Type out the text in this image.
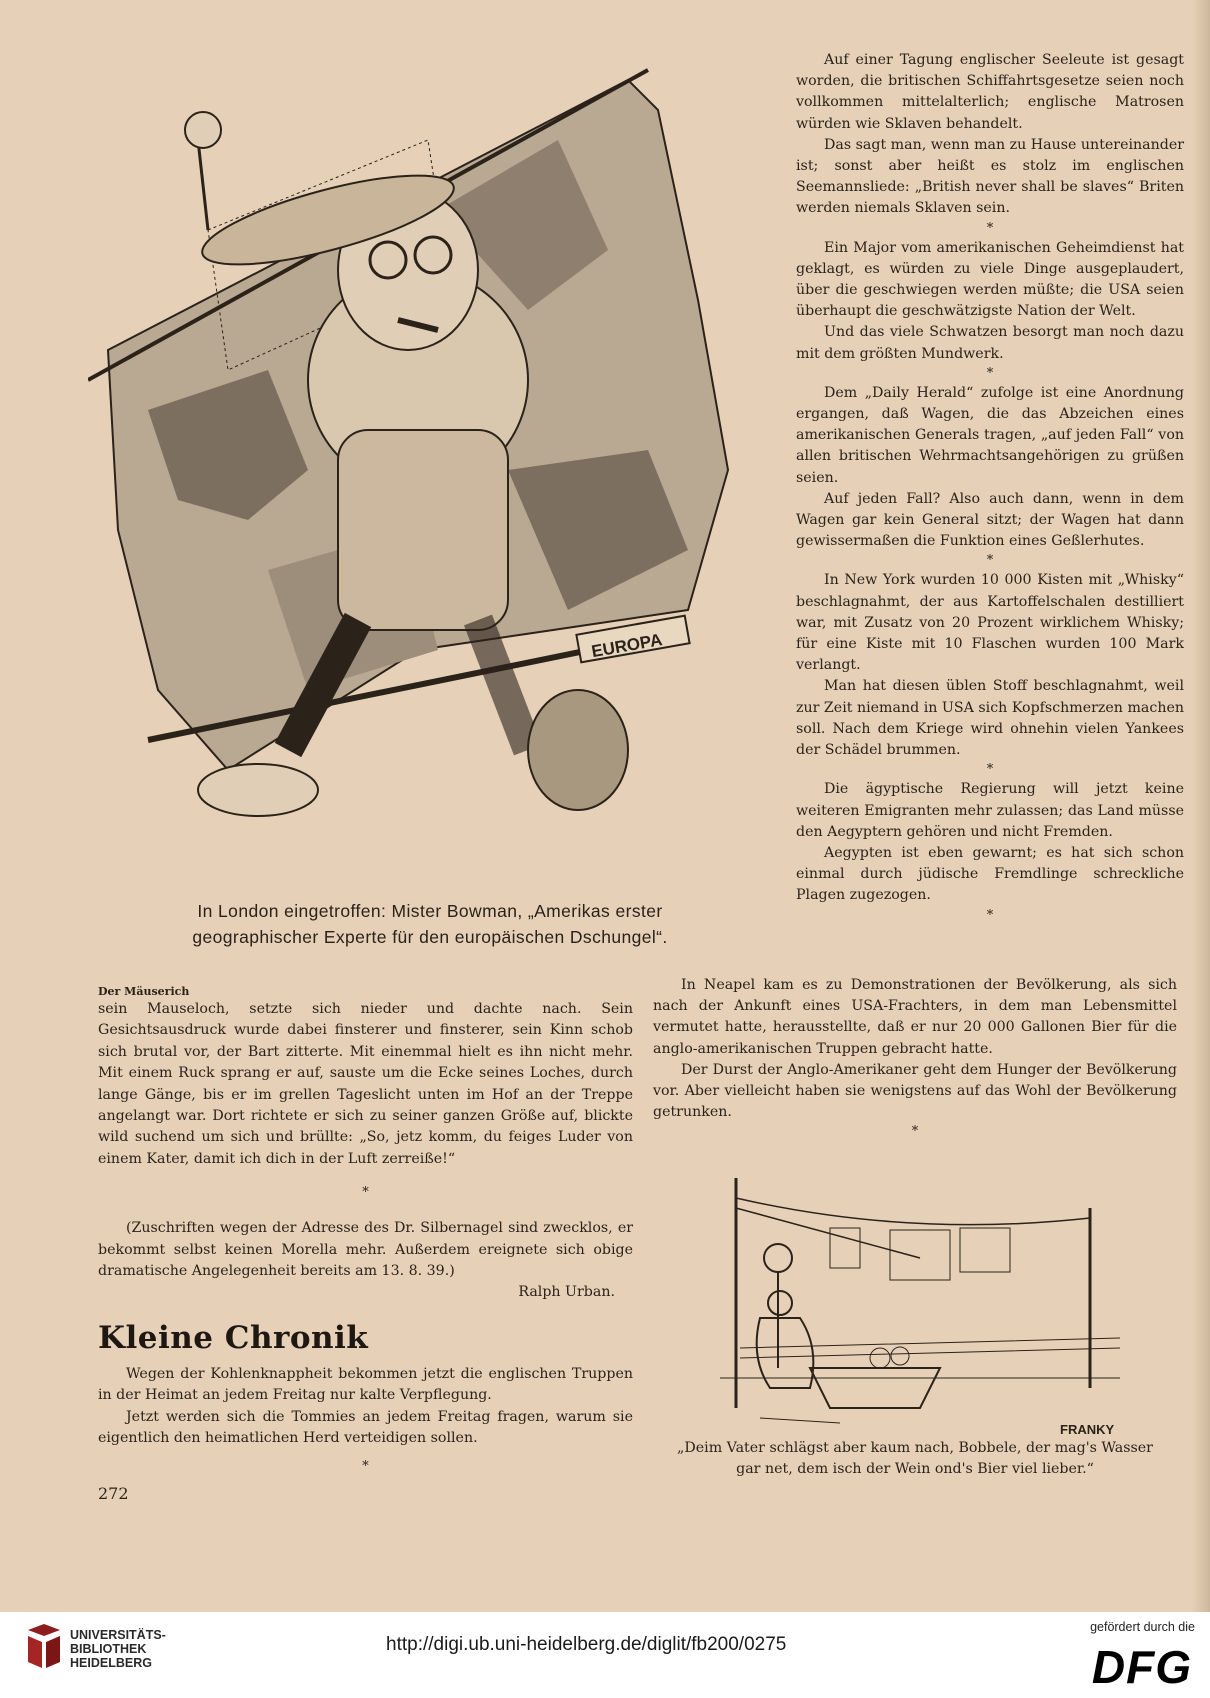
EUROPA
In London eingetroffen: Mister Bowman, „Amerikas erster
geographischer Experte für den europäischen Dschungel“.

Auf einer Tagung englischer Seeleute ist gesagt worden, die britischen Schiffahrtsgesetze seien noch vollkommen mittelalterlich; englische Matrosen würden wie Sklaven behandelt.

Das sagt man, wenn man zu Hause untereinander ist; sonst aber heißt es stolz im englischen Seemannsliede: „British never shall be slaves“ Briten werden niemals Sklaven sein.

*

Ein Major vom amerikanischen Geheimdienst hat geklagt, es würden zu viele Dinge ausgeplaudert, über die geschwiegen werden müßte; die USA seien überhaupt die geschwätzigste Nation der Welt.

Und das viele Schwatzen besorgt man noch dazu mit dem größten Mundwerk.

*

Dem „Daily Herald“ zufolge ist eine Anordnung ergangen, daß Wagen, die das Abzeichen eines amerikanischen Generals tragen, „auf jeden Fall“ von allen britischen Wehrmachtsangehörigen zu grüßen seien.

Auf jeden Fall? Also auch dann, wenn in dem Wagen gar kein General sitzt; der Wagen hat dann gewissermaßen die Funktion eines Geßlerhutes.

*

In New York wurden 10 000 Kisten mit „Whisky“ beschlagnahmt, der aus Kartoffelschalen destilliert war, mit Zusatz von 20 Prozent wirklichem Whisky; für eine Kiste mit 10 Flaschen wurden 100 Mark verlangt.

Man hat diesen üblen Stoff beschlagnahmt, weil zur Zeit niemand in USA sich Kopfschmerzen machen soll. Nach dem Kriege wird ohnehin vielen Yankees der Schädel brummen.

*

Die ägyptische Regierung will jetzt keine weiteren Emigranten mehr zulassen; das Land müsse den Aegyptern gehören und nicht Fremden.

Aegypten ist eben gewarnt; es hat sich schon einmal durch jüdische Fremdlinge schreckliche Plagen zugezogen.

*

In Neapel kam es zu Demonstrationen der Bevölkerung, als sich nach der Ankunft eines USA-Frachters, in dem man Lebensmittel vermutet hatte, herausstellte, daß er nur 20 000 Gallonen Bier für die anglo-amerikanischen Truppen gebracht hatte.

Der Durst der Anglo-Amerikaner geht dem Hunger der Bevölkerung vor. Aber vielleicht haben sie wenigstens auf das Wohl der Bevölkerung getrunken.

*

Der Mäuserich

sein Mauseloch, setzte sich nieder und dachte nach. Sein Gesichtsausdruck wurde dabei finsterer und finsterer, sein Kinn schob sich brutal vor, der Bart zitterte. Mit einemmal hielt es ihn nicht mehr. Mit einem Ruck sprang er auf, sauste um die Ecke seines Loches, durch lange Gänge, bis er im grellen Tageslicht unten im Hof an der Treppe angelangt war. Dort richtete er sich zu seiner ganzen Größe auf, blickte wild suchend um sich und brüllte: „So, jetz komm, du feiges Luder von einem Kater, damit ich dich in der Luft zerreiße!“

*

(Zuschriften wegen der Adresse des Dr. Silbernagel sind zwecklos, er bekommt selbst keinen Morella mehr. Außerdem ereignete sich obige dramatische Angelegenheit bereits am 13. 8. 39.)

Ralph Urban.

Kleine Chronik

Wegen der Kohlenknappheit bekommen jetzt die englischen Truppen in der Heimat an jedem Freitag nur kalte Verpflegung.

Jetzt werden sich die Tommies an jedem Freitag fragen, warum sie eigentlich den heimatlichen Herd verteidigen sollen.

*

272
FRANKY
„Deim Vater schlägst aber kaum nach, Bobbele, der mag's Wasser gar net, dem isch der Wein ond's Bier viel lieber.“
UNIVERSITÄTS-
BIBLIOTHEK
HEIDELBERG
http://digi.ub.uni-heidelberg.de/diglit/fb200/0275
gefördert durch die
DFG
